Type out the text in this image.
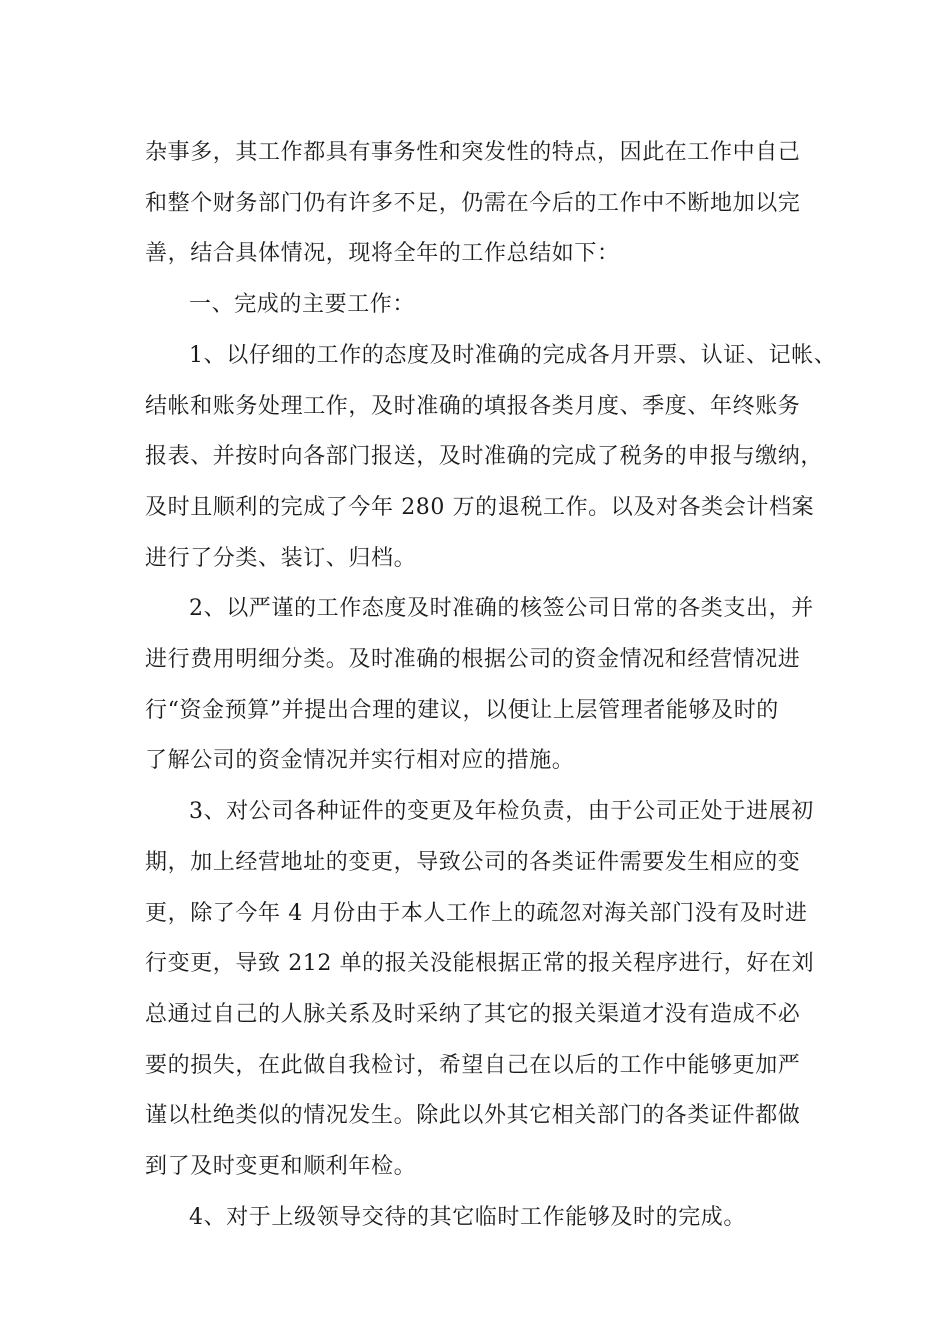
杂事多，其工作都具有事务性和突发性的特点，因此在工作中自己
和整个财务部门仍有许多不足，仍需在今后的工作中不断地加以完
善，结合具体情况，现将全年的工作总结如下：
一、完成的主要工作：
1、以仔细的工作的态度及时准确的完成各月开票、认证、记帐、
结帐和账务处理工作，及时准确的填报各类月度、季度、年终账务
报表、并按时向各部门报送，及时准确的完成了税务的申报与缴纳，
及时且顺利的完成了今年 280 万的退税工作。以及对各类会计档案
进行了分类、装订、归档。
2、以严谨的工作态度及时准确的核签公司日常的各类支出，并
进行费用明细分类。及时准确的根据公司的资金情况和经营情况进
行“资金预算”并提出合理的建议，以便让上层管理者能够及时的
了解公司的资金情况并实行相对应的措施。
3、对公司各种证件的变更及年检负责，由于公司正处于进展初
期，加上经营地址的变更，导致公司的各类证件需要发生相应的变
更，除了今年 4 月份由于本人工作上的疏忽对海关部门没有及时进
行变更，导致 212 单的报关没能根据正常的报关程序进行，好在刘
总通过自己的人脉关系及时采纳了其它的报关渠道才没有造成不必
要的损失，在此做自我检讨，希望自己在以后的工作中能够更加严
谨以杜绝类似的情况发生。除此以外其它相关部门的各类证件都做
到了及时变更和顺利年检。
4、对于上级领导交待的其它临时工作能够及时的完成。
